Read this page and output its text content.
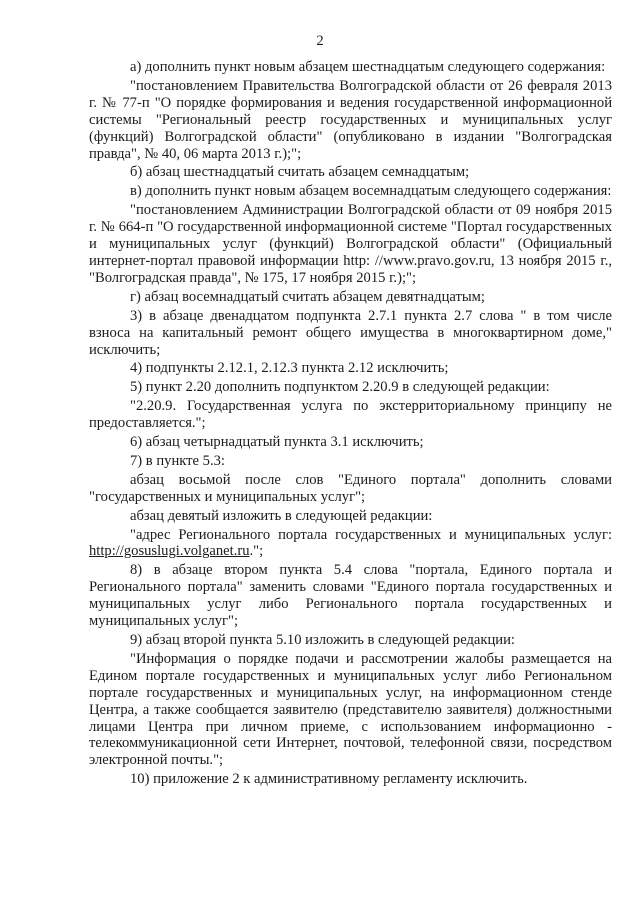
2

а) дополнить пункт новым абзацем шестнадцатым следующего содержания:

"постановлением Правительства Волгоградской области от 26 февраля 2013 г. № 77-п "О порядке формирования и ведения государственной информационной системы "Региональный реестр государственных и муниципальных услуг (функций) Волгоградской области" (опубликовано в издании "Волгоградская правда", № 40, 06 марта 2013 г.);";

б) абзац шестнадцатый считать абзацем семнадцатым;

в) дополнить пункт новым абзацем восемнадцатым следующего содержания:

"постановлением Администрации Волгоградской области от 09 ноября 2015 г. № 664-п "О государственной информационной системе "Портал государственных и муниципальных услуг (функций) Волгоградской области" (Официальный интернет-портал правовой информации http: //www.pravo.gov.ru, 13 ноября 2015 г., "Волгоградская правда", № 175, 17 ноября 2015 г.);";

г) абзац восемнадцатый считать абзацем девятнадцатым;

3) в абзаце двенадцатом подпункта 2.7.1 пункта 2.7 слова " в том числе взноса на капитальный ремонт общего имущества в многоквартирном доме," исключить;

4) подпункты 2.12.1, 2.12.3 пункта 2.12 исключить;

5) пункт 2.20 дополнить подпунктом 2.20.9 в следующей редакции:

"2.20.9. Государственная услуга по экстерриториальному принципу не предоставляется.";

6) абзац четырнадцатый пункта 3.1 исключить;

7) в пункте 5.3:

абзац восьмой после слов "Единого портала" дополнить словами "государственных и муниципальных услуг";

абзац девятый изложить в следующей редакции:

"адрес Регионального портала государственных и муниципальных услуг: http://gosuslugi.volganet.ru.";

8) в абзаце втором пункта 5.4 слова "портала, Единого портала и Регионального портала" заменить словами "Единого портала государственных и муниципальных услуг либо Регионального портала государственных и муниципальных услуг";

9) абзац второй пункта 5.10 изложить в следующей редакции:

"Информация о порядке подачи и рассмотрении жалобы размещается на Едином портале государственных и муниципальных услуг либо Региональном портале государственных и муниципальных услуг, на информационном стенде Центра, а также сообщается заявителю (представителю заявителя) должностными лицами Центра при личном приеме, с использованием информационно - телекоммуникационной сети Интернет, почтовой, телефонной связи, посредством электронной почты.";

10) приложение 2 к административному регламенту исключить.
